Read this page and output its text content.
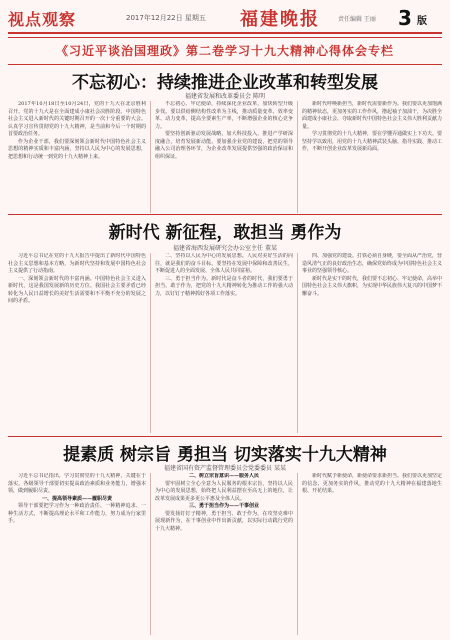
视点观察	2017年12月22日 星期五 福建晚报	责任编辑 王丽 3 版
《习近平谈治国理政》第二卷学习十九大精神心得体会专栏
不忘初心：持续推进企业改革和转型发展
福建省发展和改革委员会 陈明

2017年10月18日至10月24日，党的十九大在北京胜利召开。党的十九大是在全面建成小康社会决胜阶段、中国特色社会主义进入新时代的关键时期召开的一次十分重要的大会。认真学习宣传贯彻党的十九大精神，是当前和今后一个时期的首要政治任务。

作为企业干部，我们要深刻领会新时代中国特色社会主义思想的精神实质和丰富内涵，坚持以人民为中心的发展思想，把思想和行动统一到党的十九大精神上来。

不忘初心、牢记使命，持续深化企业改革，加快转型升级步伐。要以供给侧结构性改革为主线，推动质量变革、效率变革、动力变革，提高全要素生产率，不断增强企业的核心竞争力。

要坚持创新驱动发展战略，加大科技投入，推进产学研深度融合，培育发展新动能。要加强企业党的建设，把党的领导融入公司治理各环节，为企业改革发展提供坚强的政治保证和组织保证。

新时代呼唤新担当，新时代需要新作为。我们要以更加饱满的精神状态，更加务实的工作作风，撸起袖子加油干，为决胜全面建成小康社会、夺取新时代中国特色社会主义伟大胜利贡献力量。

学习贯彻党的十九大精神，要在学懂弄通做实上下功夫。要坚持学以致用，用党的十九大精神武装头脑、指导实践、推动工作，不断开创企业改革发展新局面。

新时代 新征程，敢担当 勇作为
福建省海西发展研究会办公室主任 董某

习近平总书记在党的十九大报告中提出了新时代中国特色社会主义思想和基本方略，为新时代坚持和发展中国特色社会主义提供了行动指南。

一、深刻领会新时代的丰富内涵。中国特色社会主义进入新时代，这是我国发展新的历史方位。我国社会主要矛盾已经转化为人民日益增长的美好生活需要和不平衡不充分的发展之间的矛盾。

二、坚持以人民为中心的发展思想。人民对美好生活的向往，就是我们的奋斗目标。要坚持在发展中保障和改善民生，不断促进人的全面发展、全体人民共同富裕。

三、勇于担当作为。新时代是奋斗者的时代，我们要勇于担当、敢于作为，把党的十九大精神转化为推动工作的强大动力，以钉钉子精神抓好各项工作落实。

四、加强党的建设。打铁必须自身硬，要全面从严治党，营造风清气正的良好政治生态，确保党始终成为中国特色社会主义事业的坚强领导核心。

新时代是实干的时代，我们要不忘初心、牢记使命，高举中国特色社会主义伟大旗帜，为实现中华民族伟大复兴的中国梦不懈奋斗。

提素质 树宗旨 勇担当 切实落实十九大精神
福建省国有资产监督管理委员会党委委员 某某

习近平总书记指出，学习贯彻党的十九大精神，关键在于落实。各级领导干部要切实提高政治素质和业务能力，增强本领，做到履职尽责。

一、提高领导素质——履职尽责

领导干部要把学习作为一种政治责任、一种精神追求、一种生活方式，不断提高理论水平和工作能力，努力成为行家里手。

二、树立宗旨意识——服务人民

要牢固树立全心全意为人民服务的根本宗旨，坚持以人民为中心的发展思想，始终把人民利益摆在至高无上的地位，让改革发展成果更多更公平惠及全体人民。

三、勇于担当作为——干事创业

要发扬钉钉子精神，勇于担当、敢于作为，在攻坚克难中展现新作为，在干事创业中作出新贡献，以实际行动践行党的十九大精神。

新时代赋予新使命，新使命要求新担当。我们要以更加坚定的信念、更加务实的作风，推动党的十九大精神在福建落地生根、开花结果。
